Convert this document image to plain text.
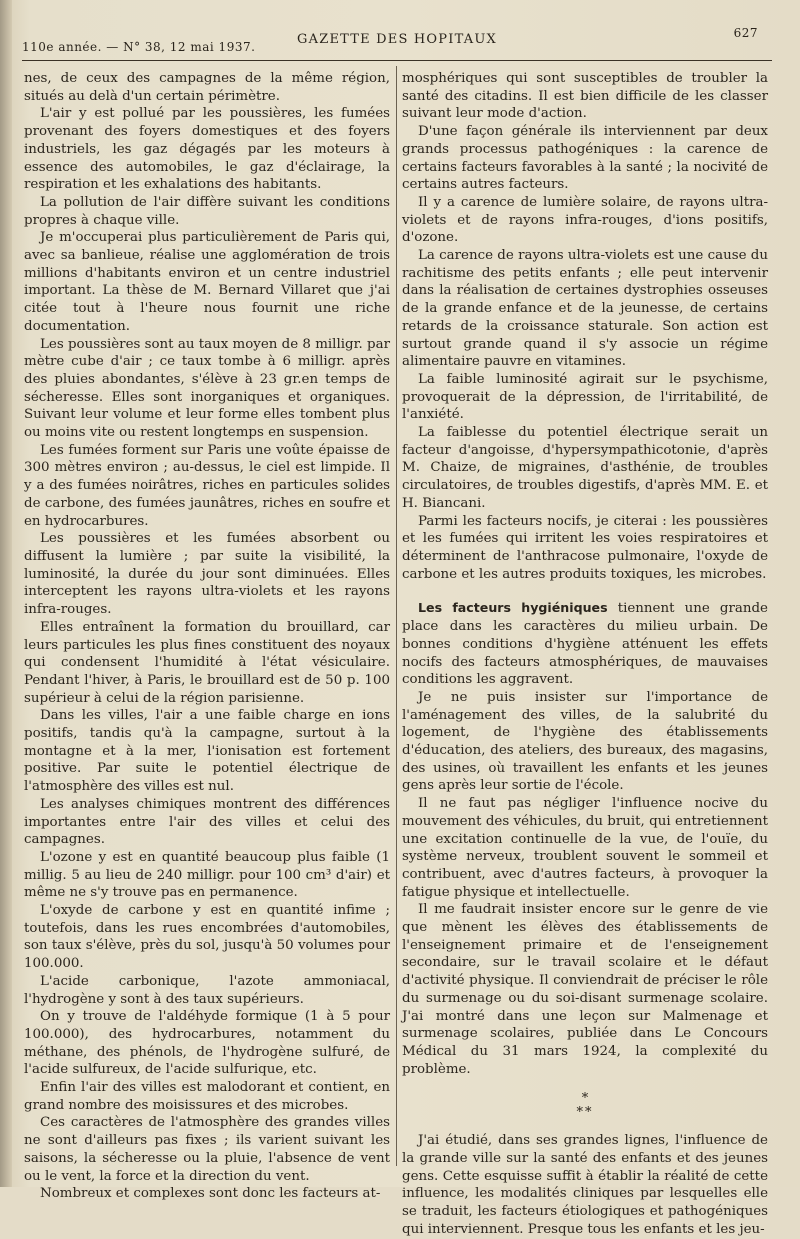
110e année. — N° 38, 12 mai 1937.	GAZETTE DES HOPITAUX	627

nes, de ceux des campagnes de la même région, situés au delà d'un certain périmètre.

L'air y est pollué par les poussières, les fumées provenant des foyers domestiques et des foyers industriels, les gaz dégagés par les moteurs à essence des automobiles, le gaz d'éclairage, la respiration et les exhalations des habitants.

La pollution de l'air diffère suivant les conditions propres à chaque ville.

Je m'occuperai plus particulièrement de Paris qui, avec sa banlieue, réalise une agglomération de trois millions d'habitants environ et un centre industriel important. La thèse de M. Bernard Villaret que j'ai citée tout à l'heure nous fournit une riche documentation.

Les poussières sont au taux moyen de 8 milligr. par mètre cube d'air ; ce taux tombe à 6 milligr. après des pluies abondantes, s'élève à 23 gr.en temps de sécheresse. Elles sont inorganiques et organiques. Suivant leur volume et leur forme elles tombent plus ou moins vite ou restent longtemps en suspension.

Les fumées forment sur Paris une voûte épaisse de 300 mètres environ ; au-dessus, le ciel est limpide. Il y a des fumées noirâtres, riches en particules solides de carbone, des fumées jaunâtres, riches en soufre et en hydrocarbures.

Les poussières et les fumées absorbent ou diffusent la lumière ; par suite la visibilité, la luminosité, la durée du jour sont diminuées. Elles interceptent les rayons ultra-violets et les rayons infra-rouges.

Elles entraînent la formation du brouillard, car leurs particules les plus fines constituent des noyaux qui condensent l'humidité à l'état vésiculaire. Pendant l'hiver, à Paris, le brouillard est de 50 p. 100 supérieur à celui de la région parisienne.

Dans les villes, l'air a une faible charge en ions positifs, tandis qu'à la campagne, surtout à la montagne et à la mer, l'ionisation est fortement positive. Par suite le potentiel électrique de l'atmosphère des villes est nul.

Les analyses chimiques montrent des différences importantes entre l'air des villes et celui des campagnes.

L'ozone y est en quantité beaucoup plus faible (1 millig. 5 au lieu de 240 milligr. pour 100 cm³ d'air) et même ne s'y trouve pas en permanence.

L'oxyde de carbone y est en quantité infime ; toutefois, dans les rues encombrées d'automobiles, son taux s'élève, près du sol, jusqu'à 50 volumes pour 100.000.

L'acide carbonique, l'azote ammoniacal, l'hydrogène y sont à des taux supérieurs.

On y trouve de l'aldéhyde formique (1 à 5 pour 100.000), des hydrocarbures, notamment du méthane, des phénols, de l'hydrogène sulfuré, de l'acide sulfureux, de l'acide sulfurique, etc.

Enfin l'air des villes est malodorant et contient, en grand nombre des moisissures et des microbes.

Ces caractères de l'atmosphère des grandes villes ne sont d'ailleurs pas fixes ; ils varient suivant les saisons, la sécheresse ou la pluie, l'absence de vent ou le vent, la force et la direction du vent.

Nombreux et complexes sont donc les facteurs at-

mosphériques qui sont susceptibles de troubler la santé des citadins. Il est bien difficile de les classer suivant leur mode d'action.

D'une façon générale ils interviennent par deux grands processus pathogéniques : la carence de certains facteurs favorables à la santé ; la nocivité de certains autres facteurs.

Il y a carence de lumière solaire, de rayons ultra-violets et de rayons infra-rouges, d'ions positifs, d'ozone.

La carence de rayons ultra-violets est une cause du rachitisme des petits enfants ; elle peut intervenir dans la réalisation de certaines dystrophies osseuses de la grande enfance et de la jeunesse, de certains retards de la croissance staturale. Son action est surtout grande quand il s'y associe un régime alimentaire pauvre en vitamines.

La faible luminosité agirait sur le psychisme, provoquerait de la dépression, de l'irritabilité, de l'anxiété.

La faiblesse du potentiel électrique serait un facteur d'angoisse, d'hypersympathicotonie, d'après M. Chaize, de migraines, d'asthénie, de troubles circulatoires, de troubles digestifs, d'après MM. E. et H. Biancani.

Parmi les facteurs nocifs, je citerai : les poussières et les fumées qui irritent les voies respiratoires et déterminent de l'anthracose pulmonaire, l'oxyde de carbone et les autres produits toxiques, les microbes.

Les facteurs hygiéniques tiennent une grande place dans les caractères du milieu urbain. De bonnes conditions d'hygiène atténuent les effets nocifs des facteurs atmosphériques, de mauvaises conditions les aggravent.

Je ne puis insister sur l'importance de l'aménagement des villes, de la salubrité du logement, de l'hygiène des établissements d'éducation, des ateliers, des bureaux, des magasins, des usines, où travaillent les enfants et les jeunes gens après leur sortie de l'école.

Il ne faut pas négliger l'influence nocive du mouvement des véhicules, du bruit, qui entretiennent une excitation continuelle de la vue, de l'ouïe, du système nerveux, troublent souvent le sommeil et contribuent, avec d'autres facteurs, à provoquer la fatigue physique et intellectuelle.

Il me faudrait insister encore sur le genre de vie que mènent les élèves des établissements de l'enseignement primaire et de l'enseignement secondaire, sur le travail scolaire et le défaut d'activité physique. Il conviendrait de préciser le rôle du surmenage ou du soi-disant surmenage scolaire. J'ai montré dans une leçon sur Malmenage et surmenage scolaires, publiée dans Le Concours Médical du 31 mars 1924, la complexité du problème.

*
**

J'ai étudié, dans ses grandes lignes, l'influence de la grande ville sur la santé des enfants et des jeunes gens. Cette esquisse suffit à établir la réalité de cette influence, les modalités cliniques par lesquelles elle se traduit, les facteurs étiologiques et pathogéniques qui interviennent. Presque tous les enfants et les jeu-
